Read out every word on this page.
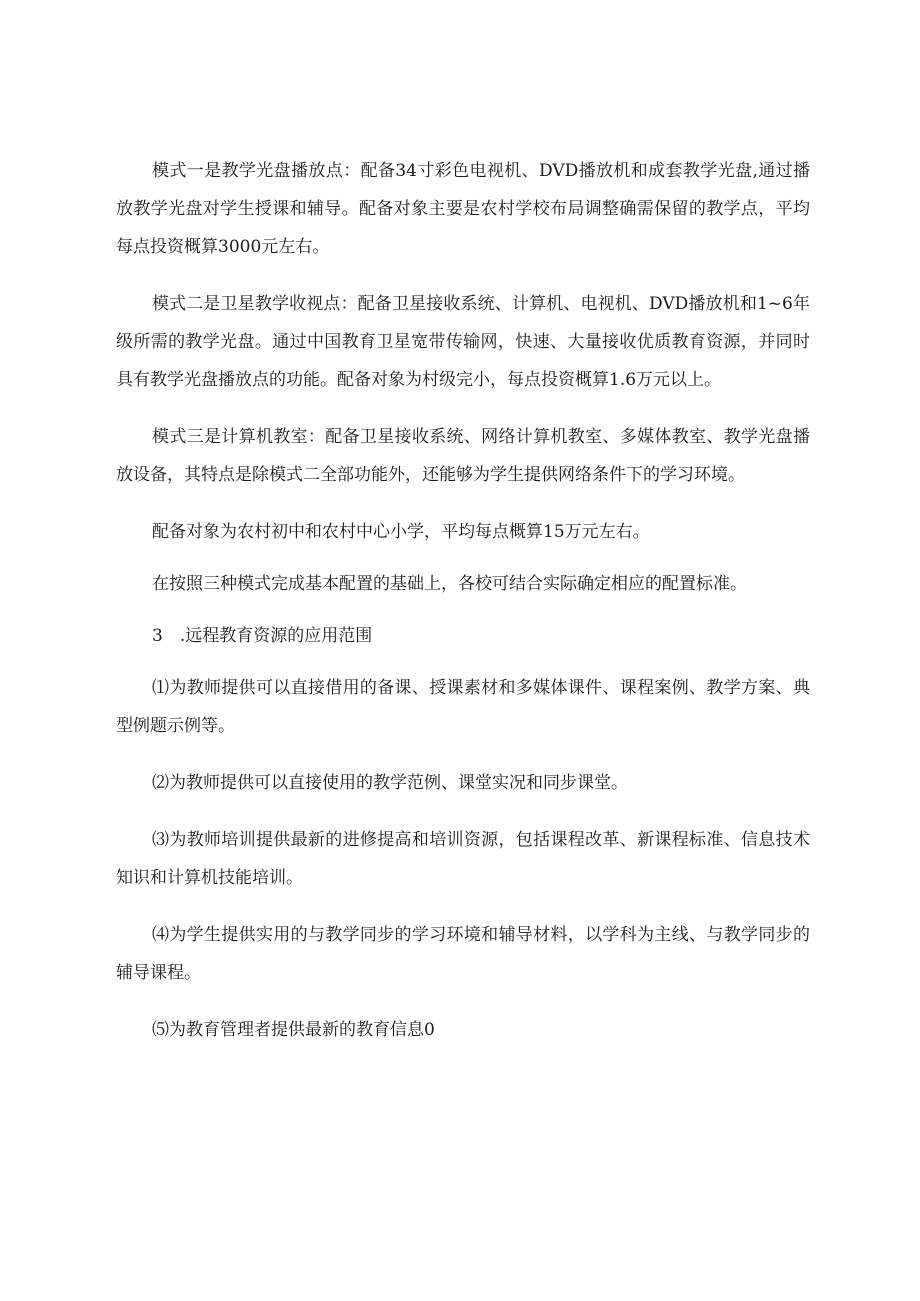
模式一是教学光盘播放点：配备34寸彩色电视机、DVD播放机和成套教学光盘,通过播放教学光盘对学生授课和辅导。配备对象主要是农村学校布局调整确需保留的教学点，平均每点投资概算3000元左右。

模式二是卫星教学收视点：配备卫星接收系统、计算机、电视机、DVD播放机和1~6年级所需的教学光盘。通过中国教育卫星宽带传输网，快速、大量接收优质教育资源，并同时具有教学光盘播放点的功能。配备对象为村级完小，每点投资概算1.6万元以上。

模式三是计算机教室：配备卫星接收系统、网络计算机教室、多媒体教室、教学光盘播放设备，其特点是除模式二全部功能外，还能够为学生提供网络条件下的学习环境。

配备对象为农村初中和农村中心小学，平均每点概算15万元左右。

在按照三种模式完成基本配置的基础上，各校可结合实际确定相应的配置标准。

3　.远程教育资源的应用范围

⑴为教师提供可以直接借用的备课、授课素材和多媒体课件、课程案例、教学方案、典型例题示例等。

⑵为教师提供可以直接使用的教学范例、课堂实况和同步课堂。

⑶为教师培训提供最新的进修提高和培训资源，包括课程改革、新课程标准、信息技术知识和计算机技能培训。

⑷为学生提供实用的与教学同步的学习环境和辅导材料，以学科为主线、与教学同步的辅导课程。

⑸为教育管理者提供最新的教育信息0
